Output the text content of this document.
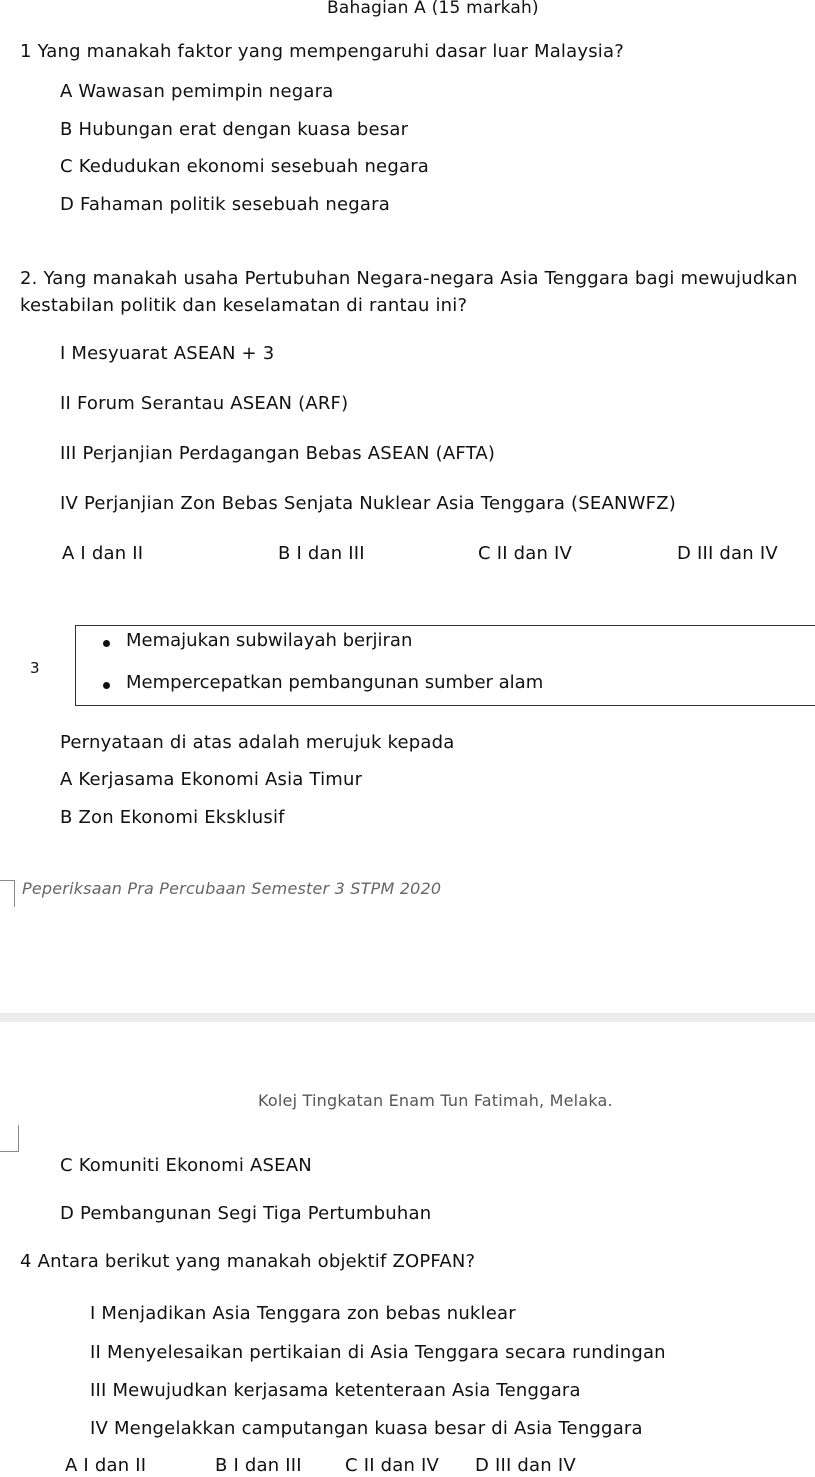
Bahagian A (15 markah)
1 Yang manakah faktor yang mempengaruhi dasar luar Malaysia?
A Wawasan pemimpin negara
B Hubungan erat dengan kuasa besar
C Kedudukan ekonomi sesebuah negara
D Fahaman politik sesebuah negara
2. Yang manakah usaha Pertubuhan Negara-negara Asia Tenggara bagi mewujudkan
kestabilan politik dan keselamatan di rantau ini?
I Mesyuarat ASEAN + 3
II Forum Serantau ASEAN (ARF)
III Perjanjian Perdagangan Bebas ASEAN (AFTA)
IV Perjanjian Zon Bebas Senjata Nuklear Asia Tenggara (SEANWFZ)
A I dan II	B I dan III	C II dan IV	D III dan IV
3
Memajukan subwilayah berjiran
Mempercepatkan pembangunan sumber alam
Pernyataan di atas adalah merujuk kepada
A Kerjasama Ekonomi Asia Timur
B Zon Ekonomi Eksklusif
Peperiksaan Pra Percubaan Semester 3 STPM 2020
Kolej Tingkatan Enam Tun Fatimah, Melaka.
C Komuniti Ekonomi ASEAN
D Pembangunan Segi Tiga Pertumbuhan
4 Antara berikut yang manakah objektif ZOPFAN?
I Menjadikan Asia Tenggara zon bebas nuklear
II Menyelesaikan pertikaian di Asia Tenggara secara rundingan
III Mewujudkan kerjasama ketenteraan Asia Tenggara
IV Mengelakkan camputangan kuasa besar di Asia Tenggara
A I dan II	B I dan III C II dan IV D III dan IV
